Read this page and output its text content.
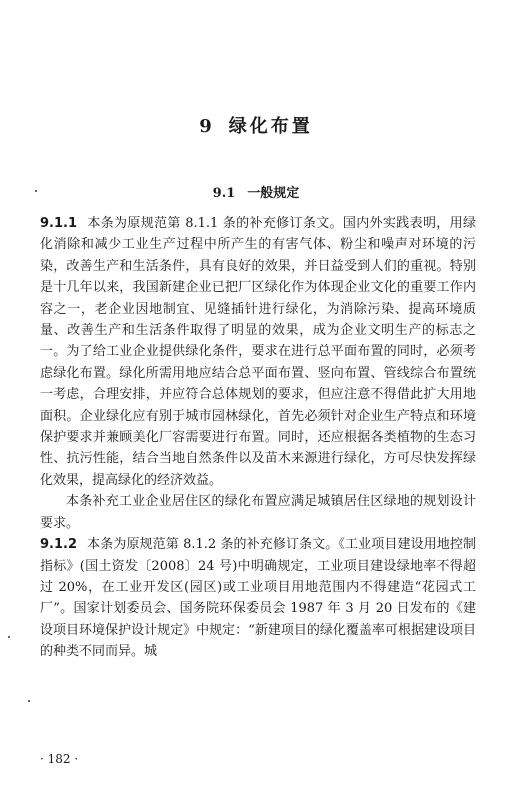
9 绿化布置
9.1 一般规定

9.1.1 本条为原规范第 8.1.1 条的补充修订条文。国内外实践表明，用绿化消除和减少工业生产过程中所产生的有害气体、粉尘和噪声对环境的污染，改善生产和生活条件，具有良好的效果，并日益受到人们的重视。特别是十几年以来，我国新建企业已把厂区绿化作为体现企业文化的重要工作内容之一，老企业因地制宜、见缝插针进行绿化，为消除污染、提高环境质量、改善生产和生活条件取得了明显的效果，成为企业文明生产的标志之一。为了给工业企业提供绿化条件，要求在进行总平面布置的同时，必须考虑绿化布置。绿化所需用地应结合总平面布置、竖向布置、管线综合布置统一考虑，合理安排，并应符合总体规划的要求，但应注意不得借此扩大用地面积。企业绿化应有别于城市园林绿化，首先必须针对企业生产特点和环境保护要求并兼顾美化厂容需要进行布置。同时，还应根据各类植物的生态习性、抗污性能，结合当地自然条件以及苗木来源进行绿化，方可尽快发挥绿化效果，提高绿化的经济效益。

本条补充工业企业居住区的绿化布置应满足城镇居住区绿地的规划设计要求。

9.1.2 本条为原规范第 8.1.2 条的补充修订条文。《工业项目建设用地控制指标》(国土资发〔2008〕24 号)中明确规定，工业项目建设绿地率不得超过 20%，在工业开发区(园区)或工业项目用地范围内不得建造“花园式工厂”。国家计划委员会、国务院环保委员会 1987 年 3 月 20 日发布的《建设项目环境保护设计规定》中规定：“新建项目的绿化覆盖率可根据建设项目的种类不同而异。城

· 182 ·
